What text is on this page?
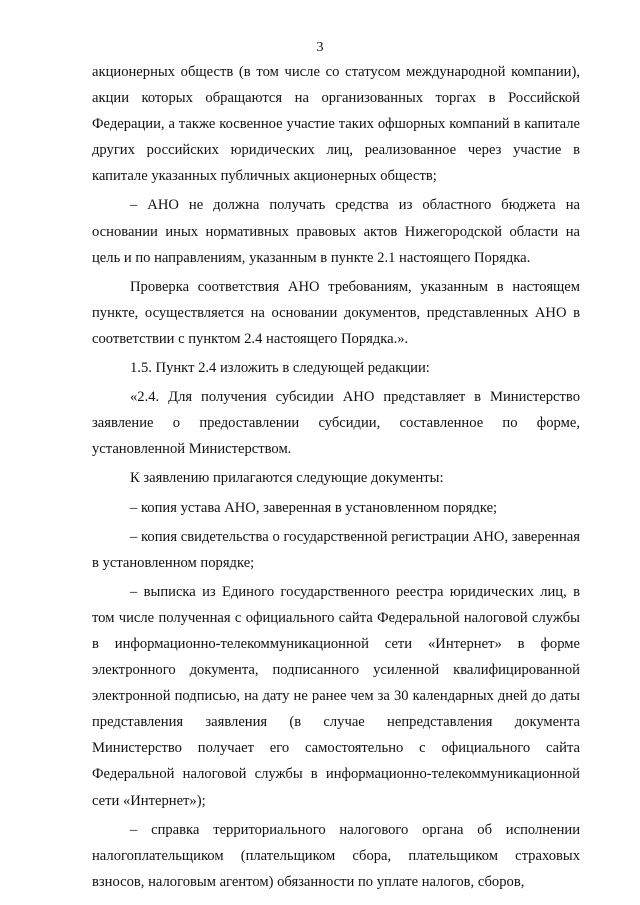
3

акционерных обществ (в том числе со статусом международной компании), акции которых обращаются на организованных торгах в Российской Федерации, а также косвенное участие таких офшорных компаний в капитале других российских юридических лиц, реализованное через участие в капитале указанных публичных акционерных обществ;

– АНО не должна получать средства из областного бюджета на основании иных нормативных правовых актов Нижегородской области на цель и по направлениям, указанным в пункте 2.1 настоящего Порядка.

Проверка соответствия АНО требованиям, указанным в настоящем пункте, осуществляется на основании документов, представленных АНО в соответствии с пунктом 2.4 настоящего Порядка.».

1.5. Пункт 2.4 изложить в следующей редакции:

«2.4. Для получения субсидии АНО представляет в Министерство заявление о предоставлении субсидии, составленное по форме, установленной Министерством.

К заявлению прилагаются следующие документы:

– копия устава АНО, заверенная в установленном порядке;

– копия свидетельства о государственной регистрации АНО, заверенная в установленном порядке;

– выписка из Единого государственного реестра юридических лиц, в том числе полученная с официального сайта Федеральной налоговой службы в информационно-телекоммуникационной сети «Интернет» в форме электронного документа, подписанного усиленной квалифицированной электронной подписью, на дату не ранее чем за 30 календарных дней до даты представления заявления (в случае непредставления документа Министерство получает его самостоятельно с официального сайта Федеральной налоговой службы в информационно-телекоммуникационной сети «Интернет»);

– справка территориального налогового органа об исполнении налогоплательщиком (плательщиком сбора, плательщиком страховых взносов, налоговым агентом) обязанности по уплате налогов, сборов,
